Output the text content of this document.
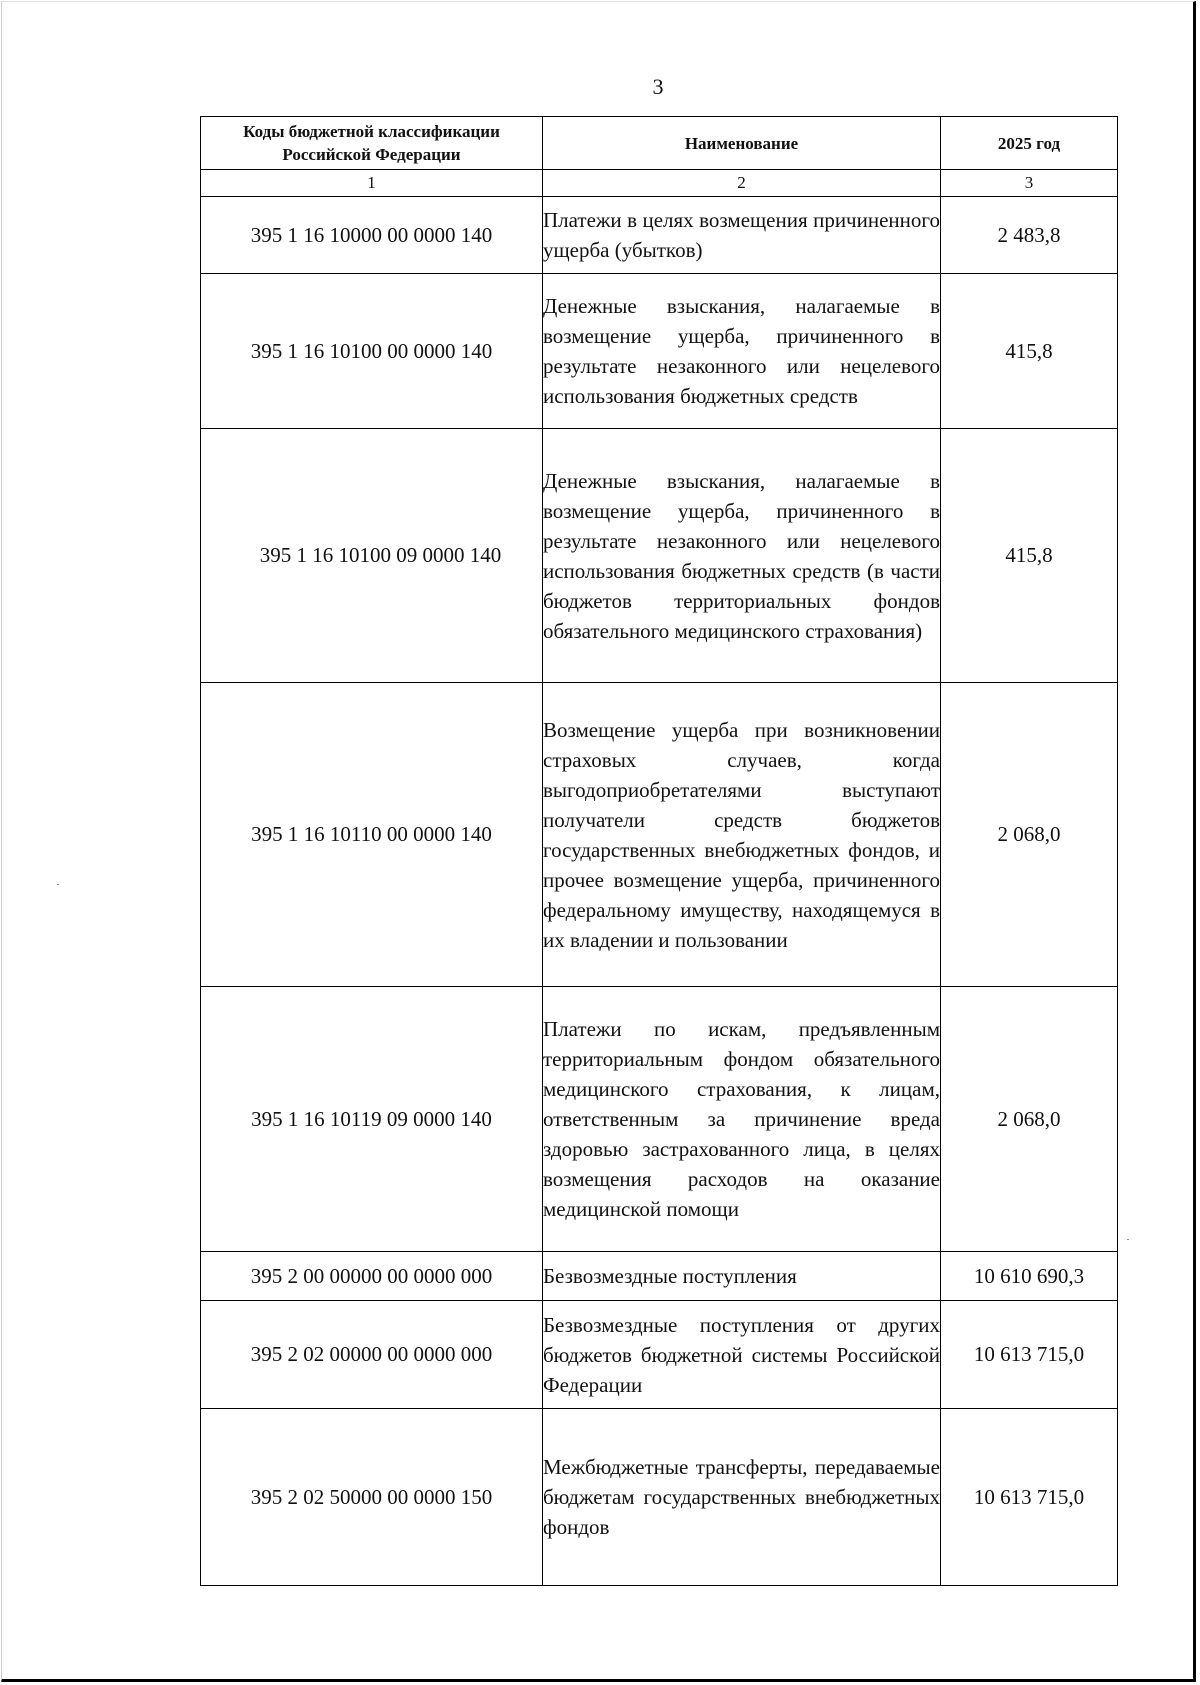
3
Коды бюджетной классификации Российской Федерации	Наименование	2025 год
1	2	3
395 1 16 10000 00 0000 140	Платежи в целях возмещения причиненного ущерба (убытков)	2 483,8
395 1 16 10100 00 0000 140	Денежные взыскания, налагаемые в возмещение ущерба, причиненного в результате незаконного или нецелевого использования бюджетных средств	415,8
395 1 16 10100 09 0000 140	Денежные взыскания, налагаемые в возмещение ущерба, причиненного в результате незаконного или нецелевого использования бюджетных средств (в части бюджетов территориальных фондов обязательного медицинского страхования)	415,8
395 1 16 10110 00 0000 140	Возмещение ущерба при возникновении страховых случаев, когда выгодоприобретателями выступают получатели средств бюджетов государственных внебюджетных фондов, и прочее возмещение ущерба, причиненного федеральному имуществу, находящемуся в их владении и пользовании	2 068,0
395 1 16 10119 09 0000 140	Платежи по искам, предъявленным территориальным фондом обязательного медицинского страхования, к лицам, ответственным за причинение вреда здоровью застрахованного лица, в целях возмещения расходов на оказание медицинской помощи	2 068,0
395 2 00 00000 00 0000 000	Безвозмездные поступления	10 610 690,3
395 2 02 00000 00 0000 000	Безвозмездные поступления от других бюджетов бюджетной системы Российской Федерации	10 613 715,0
395 2 02 50000 00 0000 150	Межбюджетные трансферты, передаваемые бюджетам государственных внебюджетных фондов	10 613 715,0
